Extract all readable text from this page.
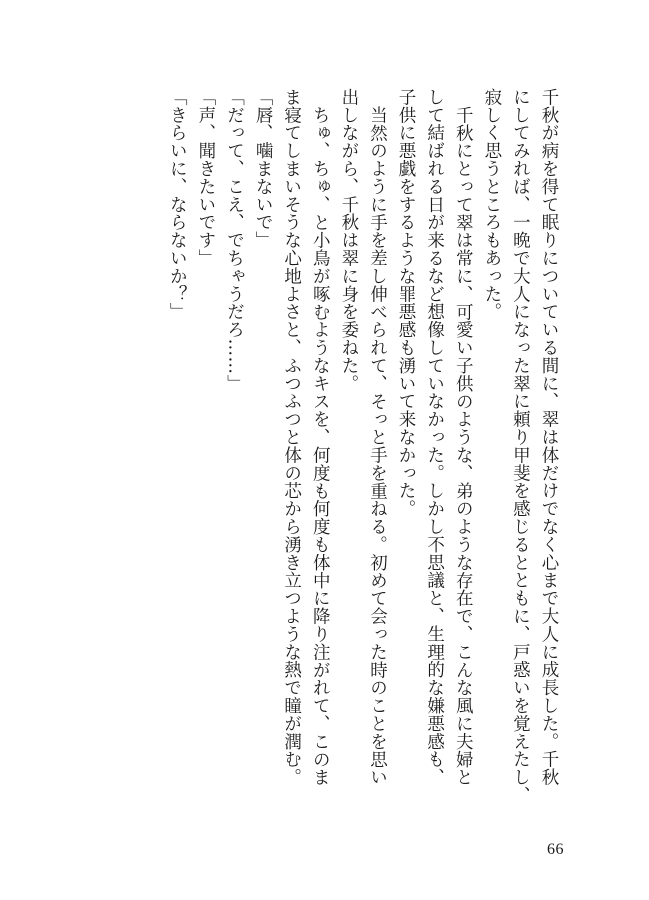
千秋が病を得て眠りについている間に、翠は体だけでなく心まで大人に成長した。千秋
にしてみれば、一晩で大人になった翠に頼り甲斐を感じるとともに、戸惑いを覚えたし、
寂しく思うところもあった。
千秋にとって翠は常に、可愛い子供のような、弟のような存在で、こんな風に夫婦と
して結ばれる日が来るなど想像していなかった。しかし不思議と、生理的な嫌悪感も、
子供に悪戯をするような罪悪感も湧いて来なかった。
当然のように手を差し伸べられて、そっと手を重ねる。初めて会った時のことを思い
出しながら、千秋は翠に身を委ねた。
ちゅ、ちゅ、と小鳥が啄むようなキスを、何度も何度も体中に降り注がれて、このま
ま寝てしまいそうな心地よさと、ふつふつと体の芯から湧き立つような熱で瞳が潤む。
「唇、噛まないで」
「だって、こえ、でちゃうだろ……」
「声、聞きたいです」
「きらいに、ならないか？」
66
